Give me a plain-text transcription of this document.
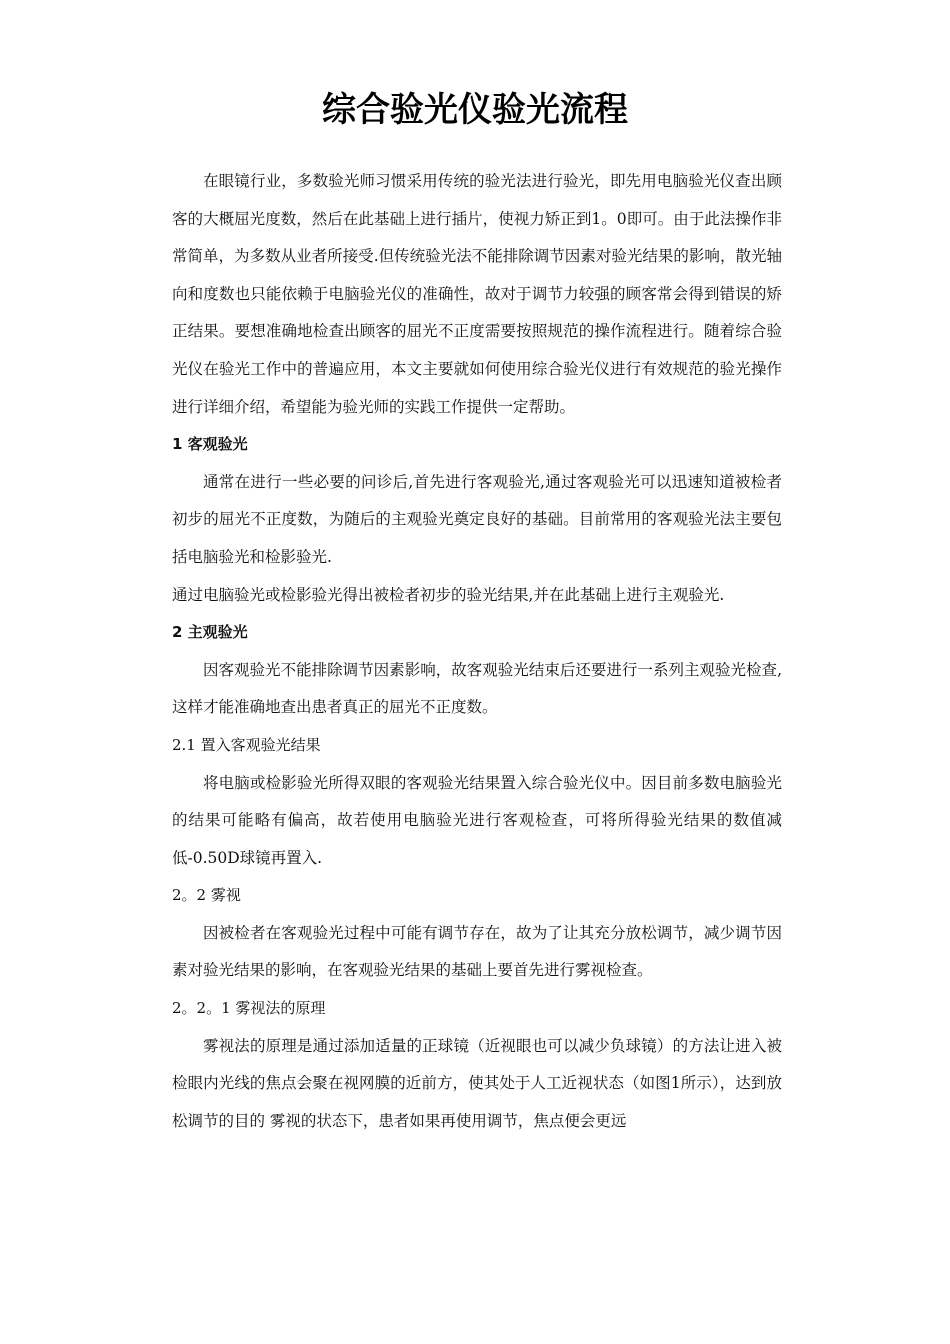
综合验光仪验光流程

在眼镜行业，多数验光师习惯采用传统的验光法进行验光，即先用电脑验光仪查出顾客的大概屈光度数，然后在此基础上进行插片，使视力矫正到1。0即可。由于此法操作非常简单，为多数从业者所接受.但传统验光法不能排除调节因素对验光结果的影响，散光轴向和度数也只能依赖于电脑验光仪的准确性，故对于调节力较强的顾客常会得到错误的矫正结果。要想准确地检查出顾客的屈光不正度需要按照规范的操作流程进行。随着综合验光仪在验光工作中的普遍应用，本文主要就如何使用综合验光仪进行有效规范的验光操作进行详细介绍，希望能为验光师的实践工作提供一定帮助。

1 客观验光

通常在进行一些必要的问诊后,首先进行客观验光,通过客观验光可以迅速知道被检者初步的屈光不正度数，为随后的主观验光奠定良好的基础。目前常用的客观验光法主要包括电脑验光和检影验光.

通过电脑验光或检影验光得出被检者初步的验光结果,并在此基础上进行主观验光.

2 主观验光

因客观验光不能排除调节因素影响，故客观验光结束后还要进行一系列主观验光检查,这样才能准确地查出患者真正的屈光不正度数。

2.1 置入客观验光结果

将电脑或检影验光所得双眼的客观验光结果置入综合验光仪中。因目前多数电脑验光的结果可能略有偏高，故若使用电脑验光进行客观检查，可将所得验光结果的数值减低-0.50D球镜再置入.

2。2 雾视

因被检者在客观验光过程中可能有调节存在，故为了让其充分放松调节，减少调节因素对验光结果的影响，在客观验光结果的基础上要首先进行雾视检查。

2。2。1 雾视法的原理

雾视法的原理是通过添加适量的正球镜（近视眼也可以减少负球镜）的方法让进入被检眼内光线的焦点会聚在视网膜的近前方，使其处于人工近视状态（如图1所示），达到放松调节的目的 雾视的状态下，患者如果再使用调节，焦点便会更远
